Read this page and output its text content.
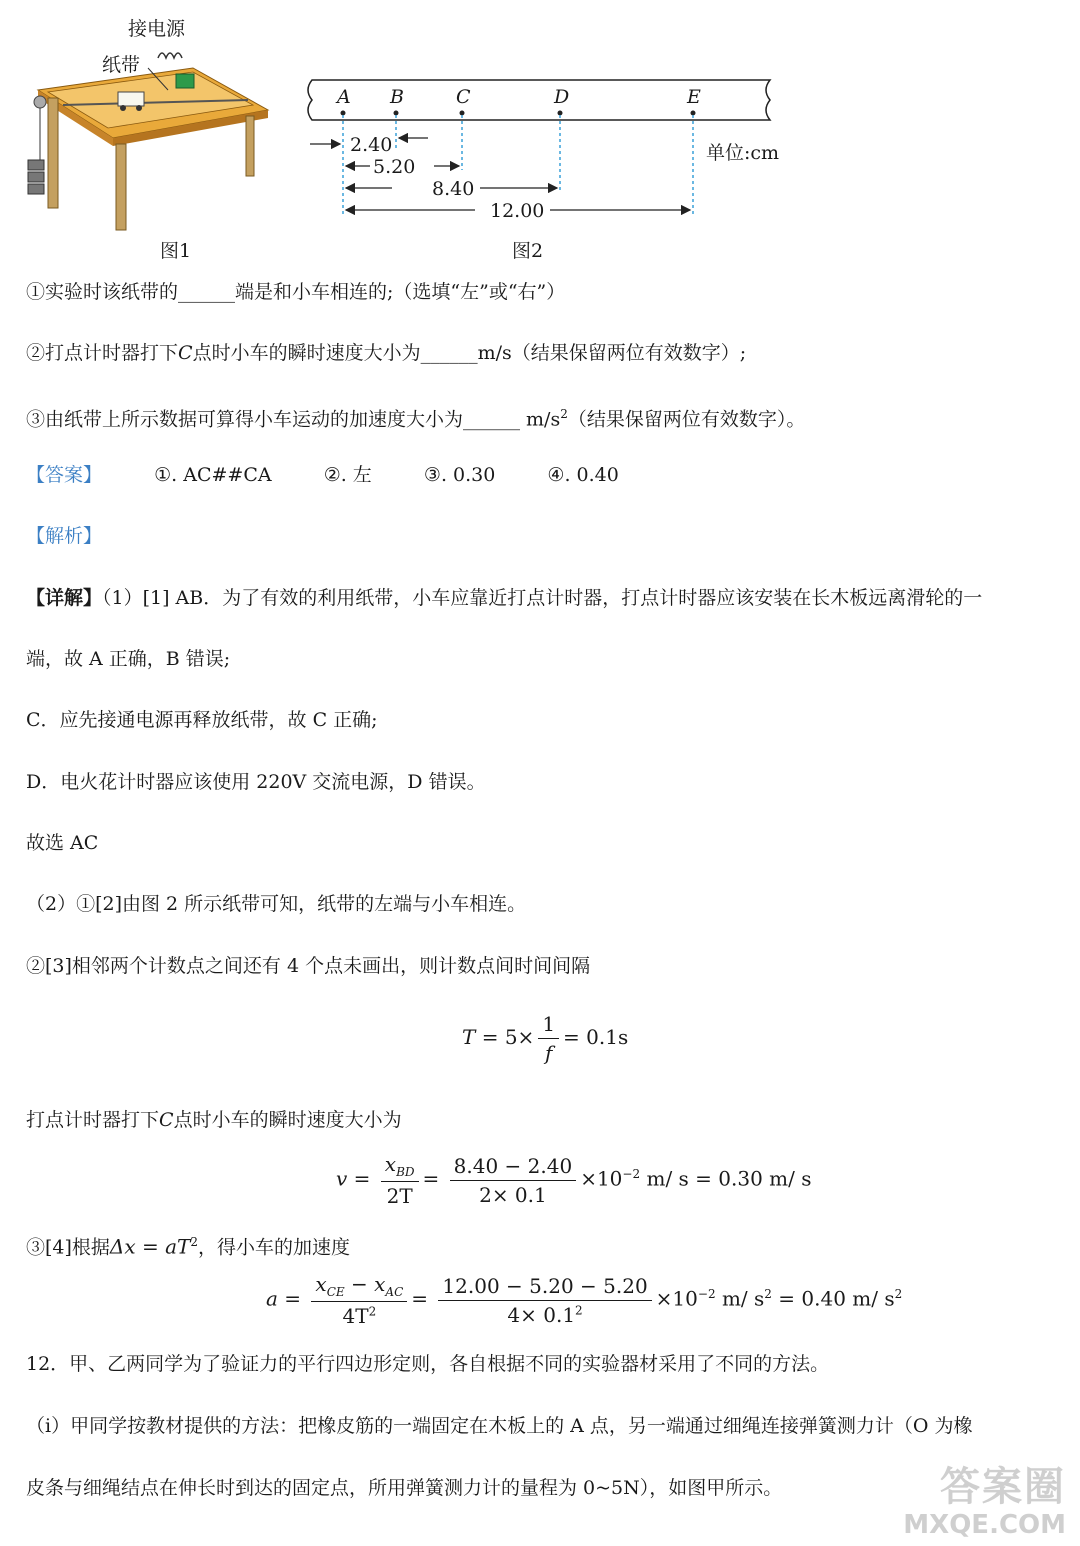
接电源
纸带
图1
A B	C	D	E
2.40
5.20
8.40
12.00
单位:cm
图2
①实验时该纸带的______端是和小车相连的;（选填“左”或“右”）
②打点计时器打下C点时小车的瞬时速度大小为______m/s（结果保留两位有效数字）;
③由纸带上所示数据可算得小车运动的加速度大小为______ $m/s^2$（结果保留两位有效数字）。
【答案】	①. AC##CA	②. 左	③. 0.30	④. 0.40
【解析】
【详解】（1）[1] AB．为了有效的利用纸带，小车应靠近打点计时器，打点计时器应该安装在长木板远离滑轮的一
端，故 A 正确，B 错误;
C．应先接通电源再释放纸带，故 C 正确;
D．电火花计时器应该使用 220V 交流电源，D 错误。
故选 AC
（2）①[2]由图 2 所示纸带可知，纸带的左端与小车相连。
②[3]相邻两个计数点之间还有 4 个点未画出，则计数点间时间间隔
$T = 5\times \frac{1}{f} = 0.1s$
打点计时器打下C点时小车的瞬时速度大小为
$v = \frac{x_{BD}}{2T} = \frac{8.40 - 2.40}{2\times 0.1} \times 10^{-2}$ m/ s = 0.30 m/ s
③[4]根据$\Delta x = aT^2$，得小车的加速度
$a = \frac{x_{CE} - x_{AC}}{4T^2} = \frac{12.00 - 5.20 - 5.20}{4\times 0.1^2} \times 10^{-2}$ m/ $s^2 = 0.40$ m/ $s^2$
12．甲、乙两同学为了验证力的平行四边形定则，各自根据不同的实验器材采用了不同的方法。
（i）甲同学按教材提供的方法：把橡皮筋的一端固定在木板上的 A 点，另一端通过细绳连接弹簧测力计（O 为橡
皮条与细绳结点在伸长时到达的固定点，所用弹簧测力计的量程为 0~5N），如图甲所示。	答案圈
MXQE.COM
